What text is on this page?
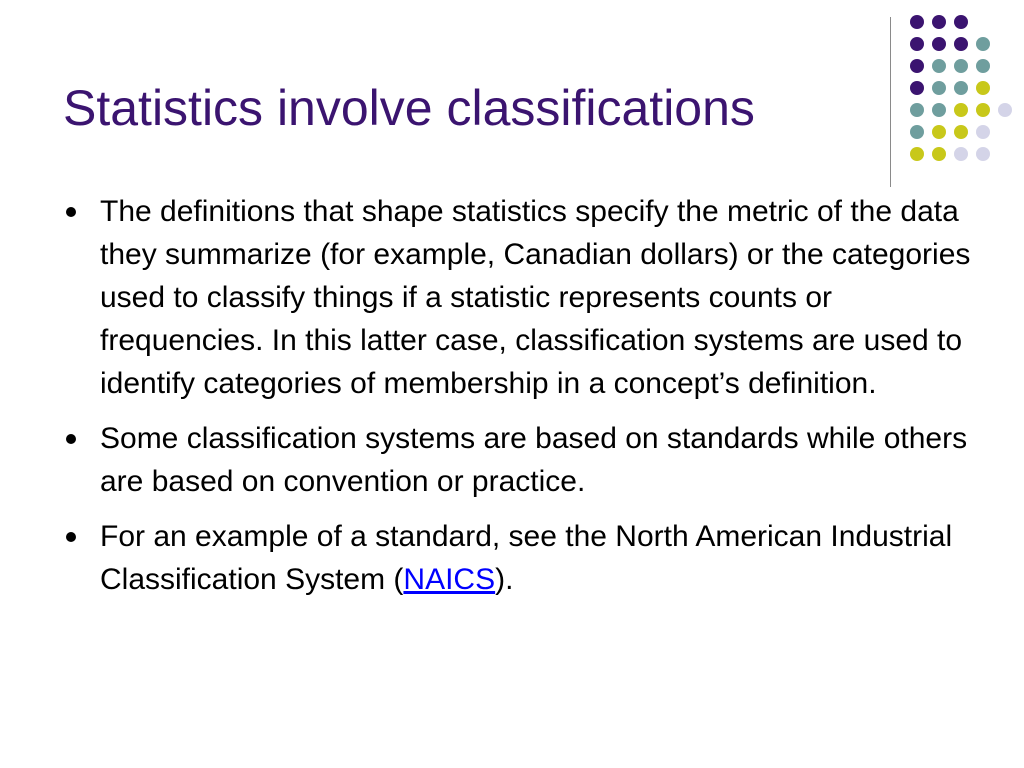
Statistics involve classifications
The definitions that shape statistics specify the metric of the data they summarize (for example, Canadian dollars) or the categories used to classify things if a statistic represents counts or frequencies. In this latter case, classification systems are used to identify categories of membership in a concept’s definition.
Some classification systems are based on standards while others are based on convention or practice.
For an example of a standard, see the North American Industrial Classification System (NAICS).
